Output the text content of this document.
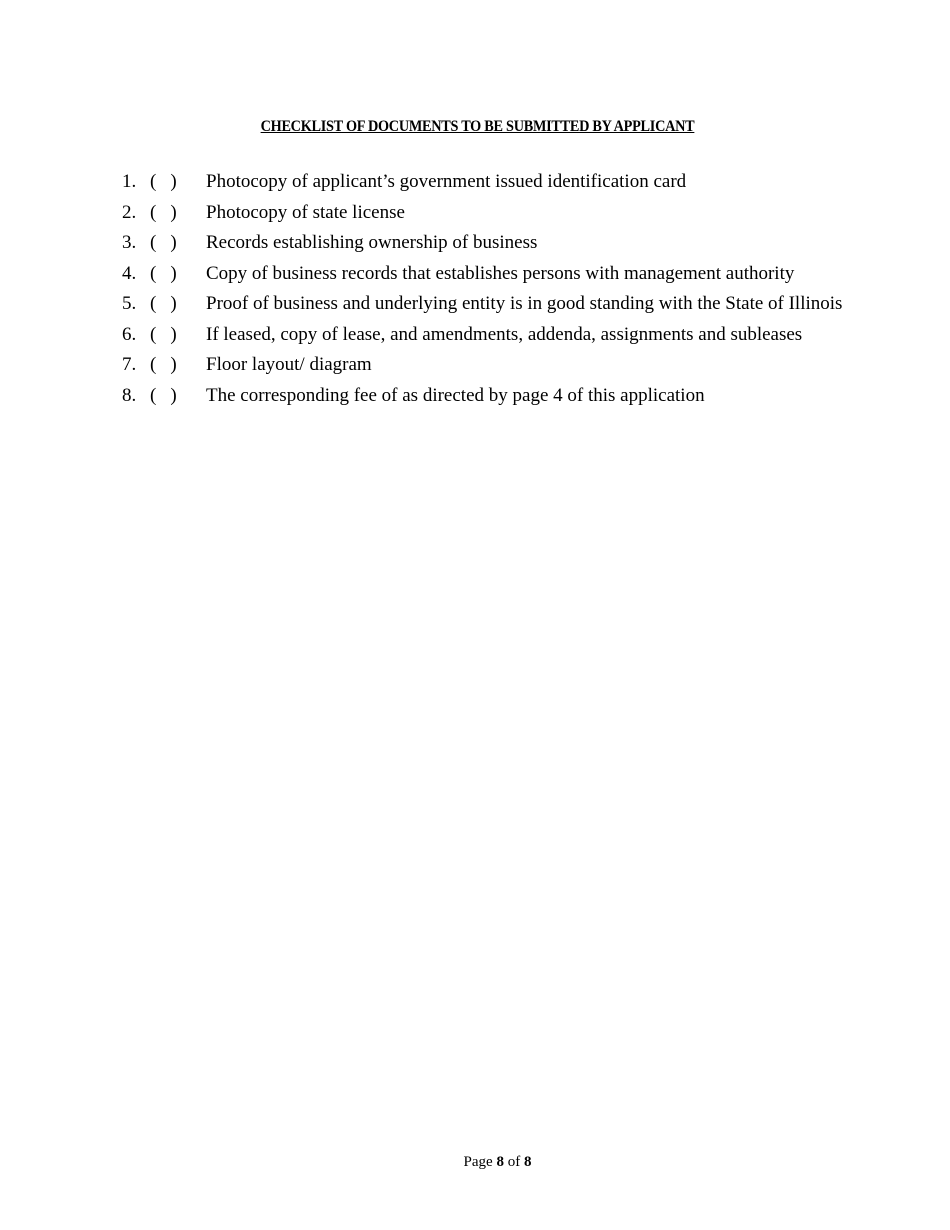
CHECKLIST OF DOCUMENTS TO BE SUBMITTED BY APPLICANT
1. ( ) Photocopy of applicant’s government issued identification card
2. ( ) Photocopy of state license
3. ( ) Records establishing ownership of business
4. ( ) Copy of business records that establishes persons with management authority
5. ( ) Proof of business and underlying entity is in good standing with the State of Illinois
6. ( ) If leased, copy of lease, and amendments, addenda, assignments and subleases
7. ( ) Floor layout/ diagram
8. ( ) The corresponding fee of as directed by page 4 of this application
Page 8 of 8
